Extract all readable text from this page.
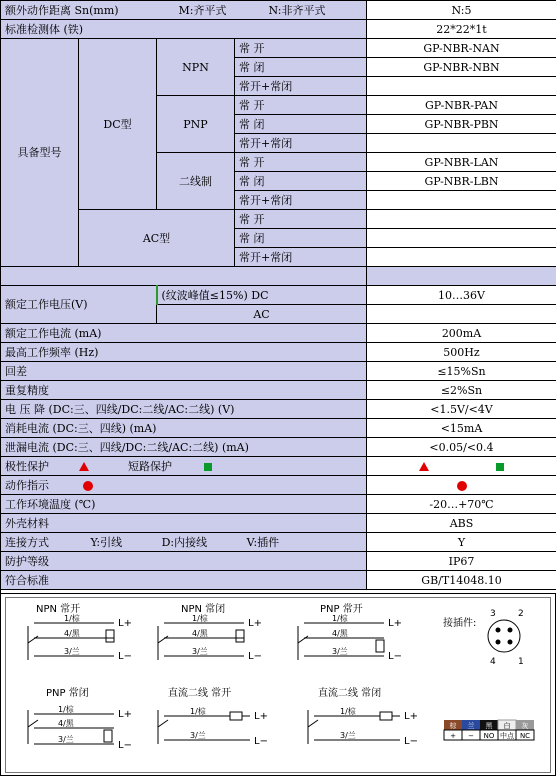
额外动作距离 Sn(mm) M:齐平式 N:非齐平式				N:5
标准检测体 (铁)				22*22*1t
具备型号	DC型	NPN	常 开	GP-NBR-NAN
			常 闭	GP-NBR-NBN
			常开+常闭	
		PNP	常 开	GP-NBR-PAN
			常 闭	GP-NBR-PBN
			常开+常闭	
		二线制	常 开	GP-NBR-LAN
			常 闭	GP-NBR-LBN
			常开+常闭	
	AC型		常 开	
			常 闭	
			常开+常闭	

额定工作电压(V)		(纹波峰值≤15%) DC		10…36V
		AC		
额定工作电流 (mA)				200mA
最高工作频率 (Hz)				500Hz
回差				≤15%Sn
重复精度				≤2%Sn
电 压 降 (DC:三、四线/DC:二线/AC:二线) (V)				<1.5V/<4V
消耗电流 (DC:三、四线) (mA)				<15mA
泄漏电流 (DC:三、四线/DC:二线/AC:二线) (mA)				<0.05/<0.4
极性保护 短路保护				
动作指示				
工作环境温度 (℃)				-20…+70℃
外壳材料				ABS
连接方式 Y:引线 D:内接线 V:插件				Y
防护等级				IP67
符合标准				GB/T14048.10

NPN 常开	NPN 常闭	PNP 常开
接插件:
PNP 常闭	直流二线 常开	直流二线 常闭
1/棕
4/黑
3/兰
L+
L−
1/棕
4/黑
3/兰
L+
L−
1/棕
4/黑
3/兰
L+
L−
3 2
4 1
1/棕
4/黑
3/兰
L+
L−
1/棕
3/兰
L+
L−
1/棕
3/兰
L+
L−
棕 兰 黑 白 灰
+ − NO 中点 NC
